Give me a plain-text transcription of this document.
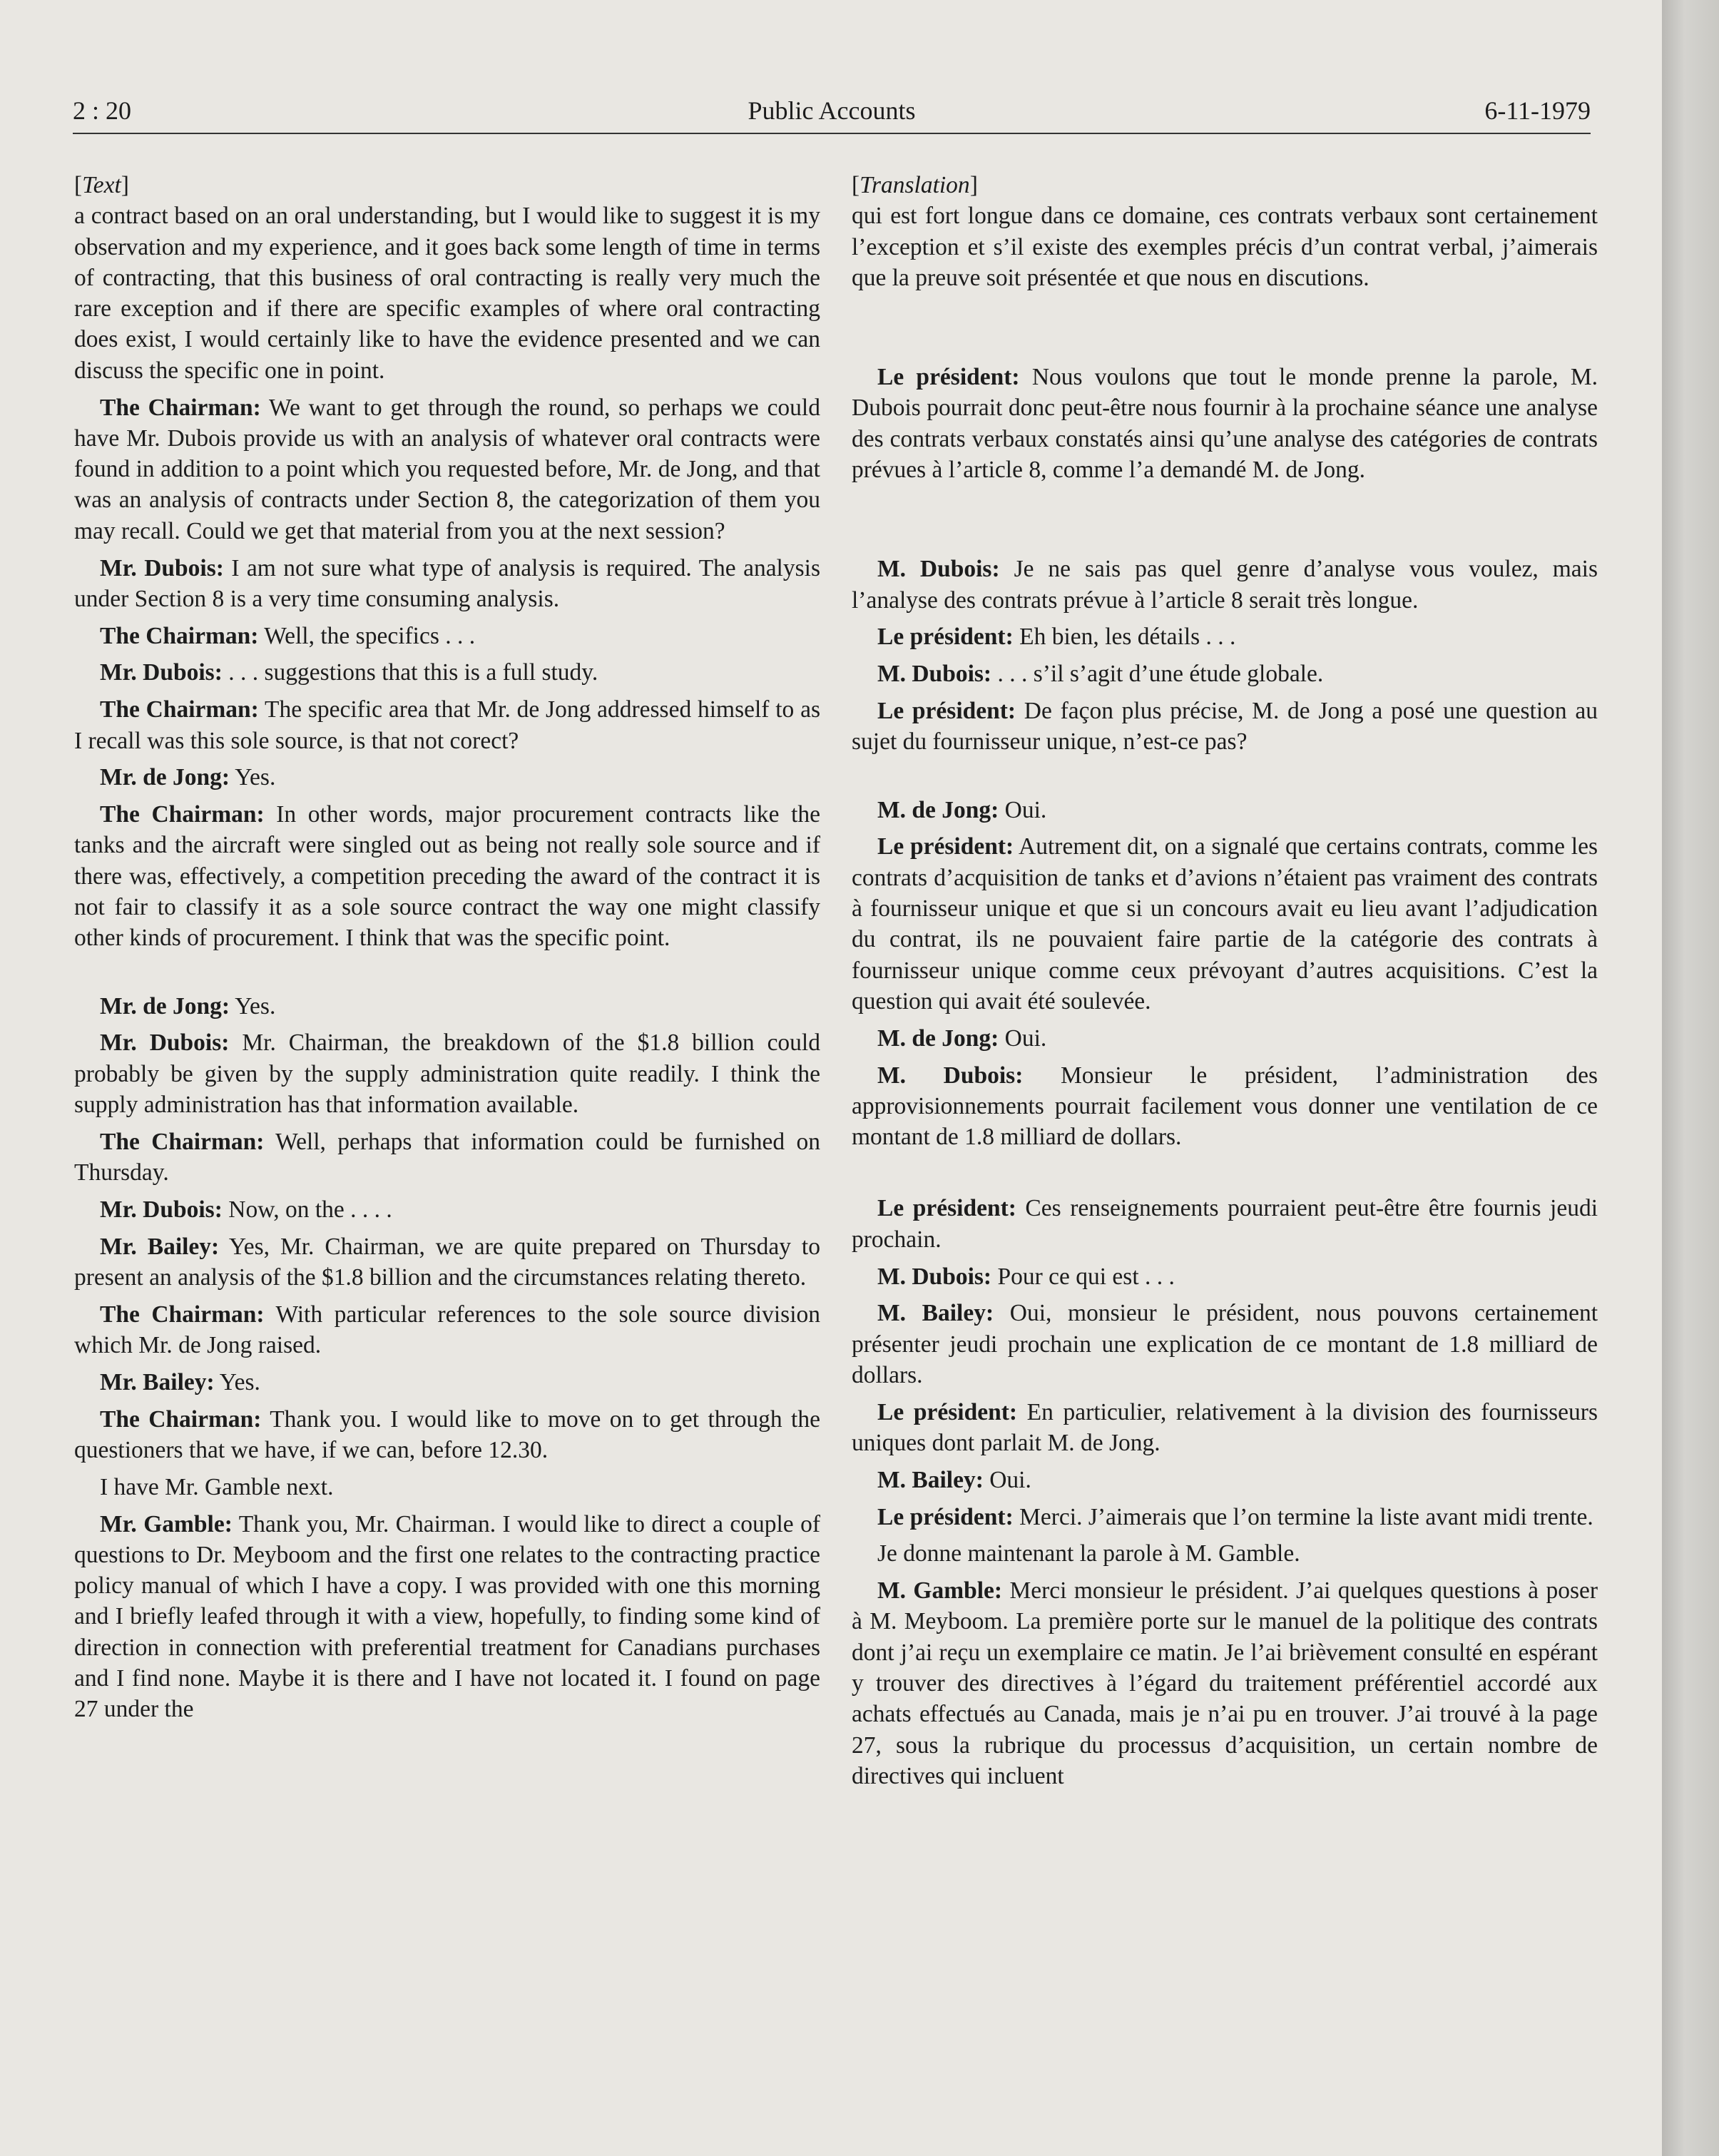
2 : 20	Public Accounts	6-11-1979

[Text]

a contract based on an oral understanding, but I would like to suggest it is my observation and my experience, and it goes back some length of time in terms of contracting, that this business of oral contracting is really very much the rare exception and if there are specific examples of where oral contracting does exist, I would certainly like to have the evidence presented and we can discuss the specific one in point.

The Chairman: We want to get through the round, so perhaps we could have Mr. Dubois provide us with an analysis of whatever oral contracts were found in addition to a point which you requested before, Mr. de Jong, and that was an analysis of contracts under Section 8, the categorization of them you may recall. Could we get that material from you at the next session?

Mr. Dubois: I am not sure what type of analysis is required. The analysis under Section 8 is a very time consuming analysis.

The Chairman: Well, the specifics . . .

Mr. Dubois: . . . suggestions that this is a full study.

The Chairman: The specific area that Mr. de Jong addressed himself to as I recall was this sole source, is that not corect?

Mr. de Jong: Yes.

The Chairman: In other words, major procurement contracts like the tanks and the aircraft were singled out as being not really sole source and if there was, effectively, a competition preceding the award of the contract it is not fair to classify it as a sole source contract the way one might classify other kinds of procurement. I think that was the specific point.

Mr. de Jong: Yes.

Mr. Dubois: Mr. Chairman, the breakdown of the $1.8 billion could probably be given by the supply administration quite readily. I think the supply administration has that information available.

The Chairman: Well, perhaps that information could be furnished on Thursday.

Mr. Dubois: Now, on the . . . .

Mr. Bailey: Yes, Mr. Chairman, we are quite prepared on Thursday to present an analysis of the $1.8 billion and the circumstances relating thereto.

The Chairman: With particular references to the sole source division which Mr. de Jong raised.

Mr. Bailey: Yes.

The Chairman: Thank you. I would like to move on to get through the questioners that we have, if we can, before 12.30.

I have Mr. Gamble next.

Mr. Gamble: Thank you, Mr. Chairman. I would like to direct a couple of questions to Dr. Meyboom and the first one relates to the contracting practice policy manual of which I have a copy. I was provided with one this morning and I briefly leafed through it with a view, hopefully, to finding some kind of direction in connection with preferential treatment for Canadians purchases and I find none. Maybe it is there and I have not located it. I found on page 27 under the

[Translation]

qui est fort longue dans ce domaine, ces contrats verbaux sont certainement l’exception et s’il existe des exemples précis d’un contrat verbal, j’aimerais que la preuve soit présentée et que nous en discutions.

Le président: Nous voulons que tout le monde prenne la parole, M. Dubois pourrait donc peut-être nous fournir à la prochaine séance une analyse des contrats verbaux constatés ainsi qu’une analyse des catégories de contrats prévues à l’article 8, comme l’a demandé M. de Jong.

M. Dubois: Je ne sais pas quel genre d’analyse vous voulez, mais l’analyse des contrats prévue à l’article 8 serait très longue.

Le président: Eh bien, les détails . . .

M. Dubois: . . . s’il s’agit d’une étude globale.

Le président: De façon plus précise, M. de Jong a posé une question au sujet du fournisseur unique, n’est-ce pas?

M. de Jong: Oui.

Le président: Autrement dit, on a signalé que certains contrats, comme les contrats d’acquisition de tanks et d’avions n’étaient pas vraiment des contrats à fournisseur unique et que si un concours avait eu lieu avant l’adjudication du contrat, ils ne pouvaient faire partie de la catégorie des contrats à fournisseur unique comme ceux prévoyant d’autres acquisitions. C’est la question qui avait été soulevée.

M. de Jong: Oui.

M. Dubois: Monsieur le président, l’administration des approvisionnements pourrait facilement vous donner une ventilation de ce montant de 1.8 milliard de dollars.

Le président: Ces renseignements pourraient peut-être être fournis jeudi prochain.

M. Dubois: Pour ce qui est . . .

M. Bailey: Oui, monsieur le président, nous pouvons certainement présenter jeudi prochain une explication de ce montant de 1.8 milliard de dollars.

Le président: En particulier, relativement à la division des fournisseurs uniques dont parlait M. de Jong.

M. Bailey: Oui.

Le président: Merci. J’aimerais que l’on termine la liste avant midi trente.

Je donne maintenant la parole à M. Gamble.

M. Gamble: Merci monsieur le président. J’ai quelques questions à poser à M. Meyboom. La première porte sur le manuel de la politique des contrats dont j’ai reçu un exemplaire ce matin. Je l’ai brièvement consulté en espérant y trouver des directives à l’égard du traitement préférentiel accordé aux achats effectués au Canada, mais je n’ai pu en trouver. J’ai trouvé à la page 27, sous la rubrique du processus d’acquisition, un certain nombre de directives qui incluent
